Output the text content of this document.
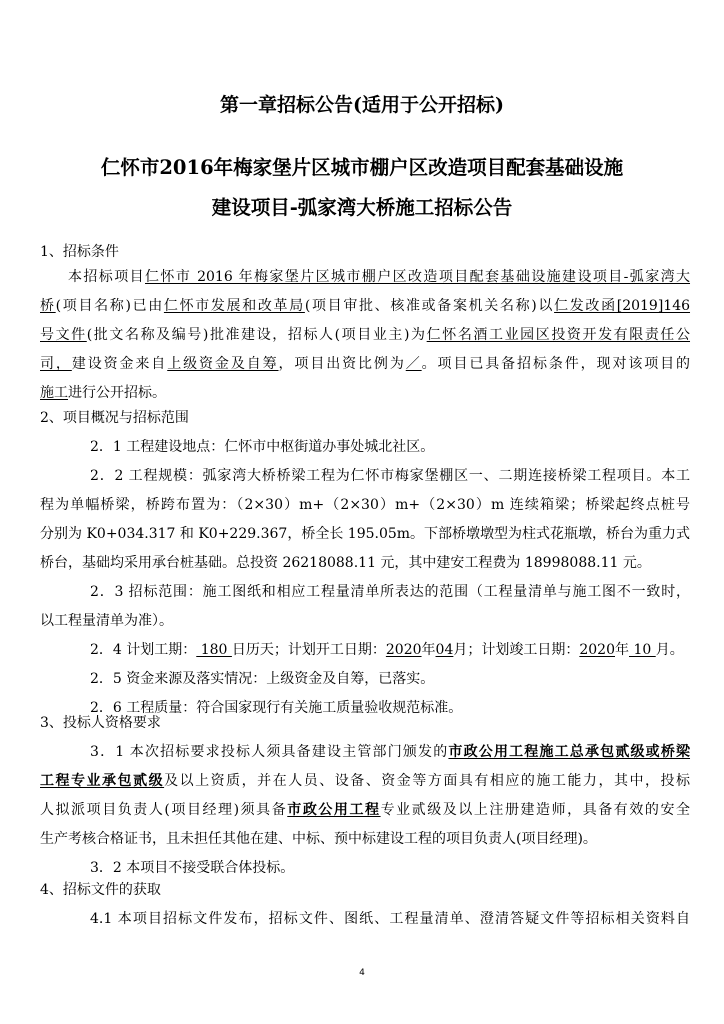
第一章招标公告(适用于公开招标)
仁怀市2016年梅家堡片区城市棚户区改造项目配套基础设施
建设项目-弧家湾大桥施工招标公告
1、招标条件
本招标项目仁怀市 2016 年梅家堡片区城市棚户区改造项目配套基础设施建设项目-弧家湾大
桥(项目名称)已由仁怀市发展和改革局(项目审批、核准或备案机关名称)以仁发改函[2019]146
号文件(批文名称及编号)批准建设，招标人(项目业主)为仁怀名酒工业园区投资开发有限责任公
司，建设资金来自上级资金及自筹，项目出资比例为／。项目已具备招标条件，现对该项目的
施工进行公开招标。
2、项目概况与招标范围
2．1 工程建设地点：仁怀市中枢街道办事处城北社区。
2．2 工程规模：弧家湾大桥桥梁工程为仁怀市梅家堡棚区一、二期连接桥梁工程项目。本工
程为单幅桥梁，桥跨布置为：（2×30）m+（2×30）m+（2×30）m 连续箱梁；桥梁起终点桩号
分别为 K0+034.317 和 K0+229.367，桥全长 195.05m。下部桥墩墩型为柱式花瓶墩，桥台为重力式
桥台，基础均采用承台桩基础。总投资 26218088.11 元，其中建安工程费为 18998088.11 元。
2．3 招标范围：施工图纸和相应工程量清单所表达的范围（工程量清单与施工图不一致时，
以工程量清单为准）。
2．4 计划工期： 180 日历天；计划开工日期：2020年04月；计划竣工日期：2020年 10 月。
2．5 资金来源及落实情况：上级资金及自筹，已落实。
2．6 工程质量：符合国家现行有关施工质量验收规范标准。
3、投标人资格要求
3．1 本次招标要求投标人须具备建设主管部门颁发的市政公用工程施工总承包贰级或桥梁
工程专业承包贰级及以上资质，并在人员、设备、资金等方面具有相应的施工能力，其中，投标
人拟派项目负责人(项目经理)须具备市政公用工程专业贰级及以上注册建造师，具备有效的安全
生产考核合格证书，且未担任其他在建、中标、预中标建设工程的项目负责人(项目经理)。
3．2 本项目不接受联合体投标。
4、招标文件的获取
4.1 本项目招标文件发布，招标文件、图纸、工程量清单、澄清答疑文件等招标相关资料自
4
